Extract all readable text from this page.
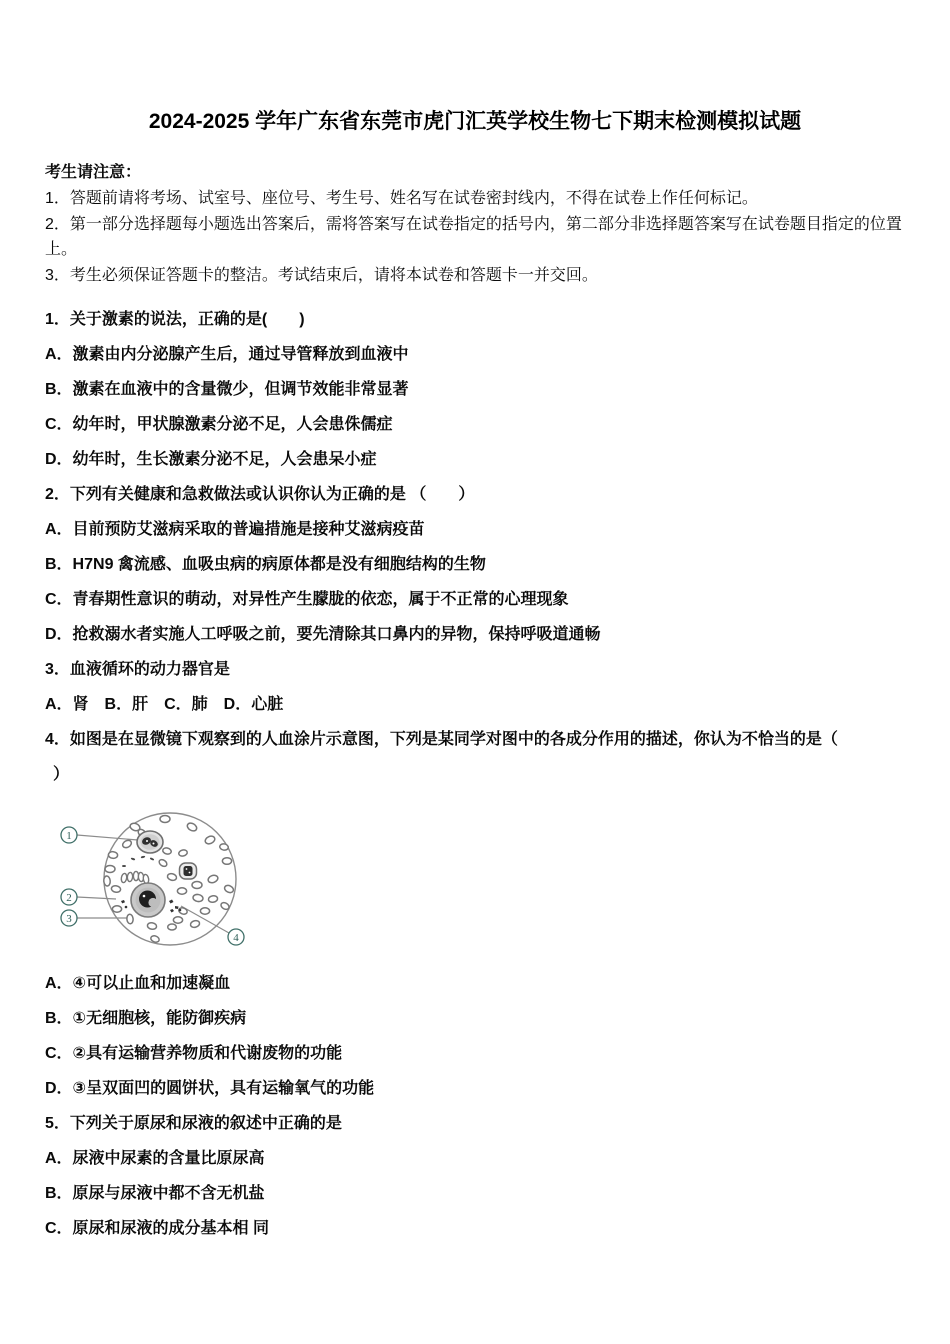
2024-2025 学年广东省东莞市虎门汇英学校生物七下期末检测模拟试题
考生请注意：

1．答题前请将考场、试室号、座位号、考生号、姓名写在试卷密封线内，不得在试卷上作任何标记。

2．第一部分选择题每小题选出答案后，需将答案写在试卷指定的括号内，第二部分非选择题答案写在试卷题目指定的位置上。

3．考生必须保证答题卡的整洁。考试结束后，请将本试卷和答题卡一并交回。

1．关于激素的说法，正确的是(　　)

A．激素由内分泌腺产生后，通过导管释放到血液中

B．激素在血液中的含量微少，但调节效能非常显著

C．幼年时，甲状腺激素分泌不足，人会患侏儒症

D．幼年时，生长激素分泌不足，人会患呆小症

2．下列有关健康和急救做法或认识你认为正确的是 （　　）

A．目前预防艾滋病采取的普遍措施是接种艾滋病疫苗

B．H7N9 禽流感、血吸虫病的病原体都是没有细胞结构的生物

C．青春期性意识的萌动，对异性产生朦胧的依恋，属于不正常的心理现象

D．抢救溺水者实施人工呼吸之前，要先清除其口鼻内的异物，保持呼吸道通畅

3．血液循环的动力器官是

A．肾　B．肝　C．肺　D．心脏

4．如图是在显微镜下观察到的人血涂片示意图，下列是某同学对图中的各成分作用的描述，你认为不恰当的是（

）

1
2
3
4

A．④可以止血和加速凝血

B．①无细胞核，能防御疾病

C．②具有运输营养物质和代谢废物的功能

D．③呈双面凹的圆饼状，具有运输氧气的功能

5．下列关于原尿和尿液的叙述中正确的是

A．尿液中尿素的含量比原尿高

B．原尿与尿液中都不含无机盐

C．原尿和尿液的成分基本相 同
